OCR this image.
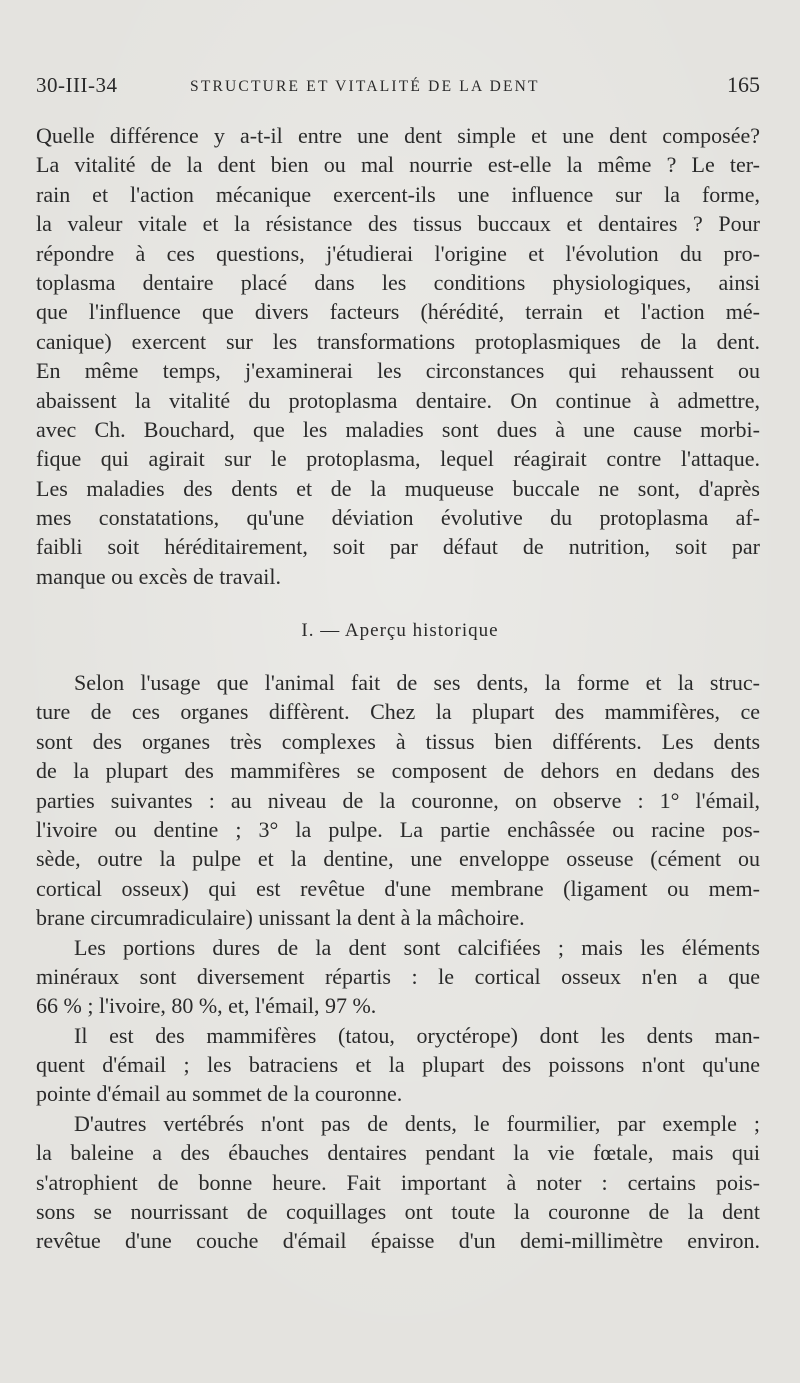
30-III-34	STRUCTURE ET VITALITÉ DE LA DENT	165
Quelle différence y a-t-il entre une dent simple et une dent composée?
La vitalité de la dent bien ou mal nourrie est-elle la même ? Le ter-
rain et l'action mécanique exercent-ils une influence sur la forme,
la valeur vitale et la résistance des tissus buccaux et dentaires ? Pour
répondre à ces questions, j'étudierai l'origine et l'évolution du pro-
toplasma dentaire placé dans les conditions physiologiques, ainsi
que l'influence que divers facteurs (hérédité, terrain et l'action mé-
canique) exercent sur les transformations protoplasmiques de la dent.
En même temps, j'examinerai les circonstances qui rehaussent ou
abaissent la vitalité du protoplasma dentaire. On continue à admettre,
avec Ch. Bouchard, que les maladies sont dues à une cause morbi-
fique qui agirait sur le protoplasma, lequel réagirait contre l'attaque.
Les maladies des dents et de la muqueuse buccale ne sont, d'après
mes constatations, qu'une déviation évolutive du protoplasma af-
faibli soit héréditairement, soit par défaut de nutrition, soit par
manque ou excès de travail.
I. — Aperçu historique
Selon l'usage que l'animal fait de ses dents, la forme et la struc-
ture de ces organes diffèrent. Chez la plupart des mammifères, ce
sont des organes très complexes à tissus bien différents. Les dents
de la plupart des mammifères se composent de dehors en dedans des
parties suivantes : au niveau de la couronne, on observe : 1° l'émail,
l'ivoire ou dentine ; 3° la pulpe. La partie enchâssée ou racine pos-
sède, outre la pulpe et la dentine, une enveloppe osseuse (cément ou
cortical osseux) qui est revêtue d'une membrane (ligament ou mem-
brane circumradiculaire) unissant la dent à la mâchoire.
Les portions dures de la dent sont calcifiées ; mais les éléments
minéraux sont diversement répartis : le cortical osseux n'en a que
66 % ; l'ivoire, 80 %, et, l'émail, 97 %.
Il est des mammifères (tatou, oryctérope) dont les dents man-
quent d'émail ; les batraciens et la plupart des poissons n'ont qu'une
pointe d'émail au sommet de la couronne.
D'autres vertébrés n'ont pas de dents, le fourmilier, par exemple ;
la baleine a des ébauches dentaires pendant la vie fœtale, mais qui
s'atrophient de bonne heure. Fait important à noter : certains pois-
sons se nourrissant de coquillages ont toute la couronne de la dent
revêtue d'une couche d'émail épaisse d'un demi-millimètre environ.
